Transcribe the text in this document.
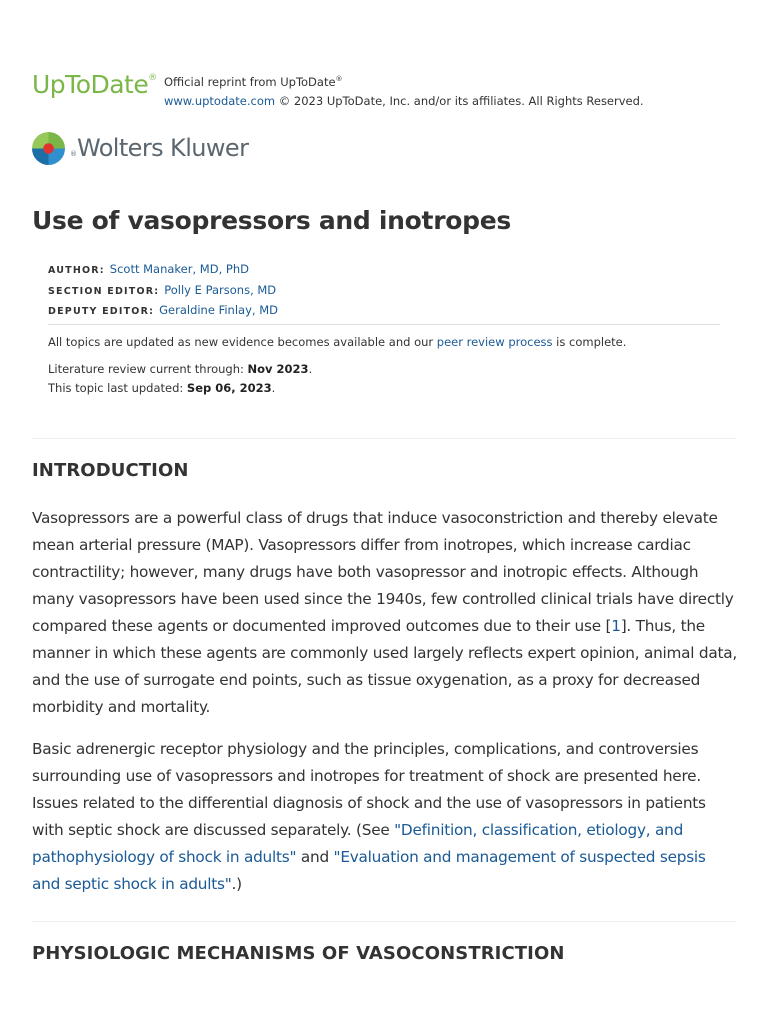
UpToDate® Official reprint from UpToDate®
www.uptodate.com © 2023 UpToDate, Inc. and/or its affiliates. All Rights Reserved.
®Wolters Kluwer
Use of vasopressors and inotropes
AUTHOR: Scott Manaker, MD, PhD
SECTION EDITOR: Polly E Parsons, MD
DEPUTY EDITOR: Geraldine Finlay, MD
All topics are updated as new evidence becomes available and our peer review process is complete.
Literature review current through: Nov 2023.
This topic last updated: Sep 06, 2023.
INTRODUCTION

Vasopressors are a powerful class of drugs that induce vasoconstriction and thereby elevate mean arterial pressure (MAP). Vasopressors differ from inotropes, which increase cardiac contractility; however, many drugs have both vasopressor and inotropic effects. Although many vasopressors have been used since the 1940s, few controlled clinical trials have directly compared these agents or documented improved outcomes due to their use [1]. Thus, the manner in which these agents are commonly used largely reflects expert opinion, animal data, and the use of surrogate end points, such as tissue oxygenation, as a proxy for decreased morbidity and mortality.

Basic adrenergic receptor physiology and the principles, complications, and controversies surrounding use of vasopressors and inotropes for treatment of shock are presented here. Issues related to the differential diagnosis of shock and the use of vasopressors in patients with septic shock are discussed separately. (See "Definition, classification, etiology, and pathophysiology of shock in adults" and "Evaluation and management of suspected sepsis and septic shock in adults".)

PHYSIOLOGIC MECHANISMS OF VASOCONSTRICTION
